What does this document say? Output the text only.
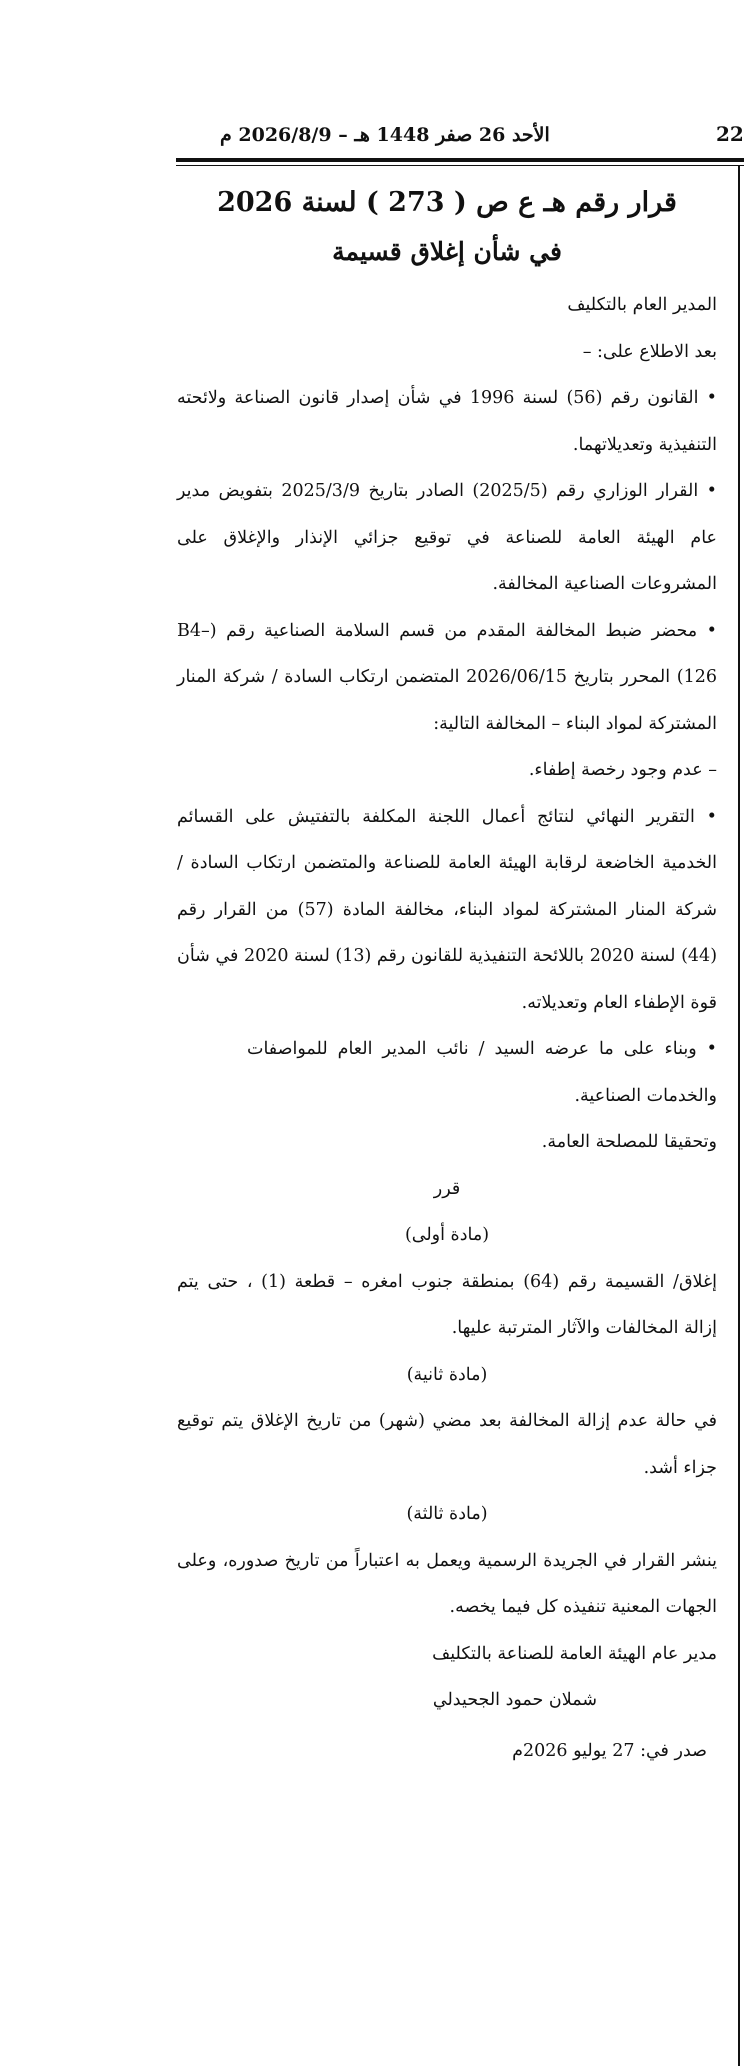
الأحد 26 صفر 1448 هـ – 2026/8/9 م	22
قرار رقم هـ ع ص ( 273 ) لسنة 2026
في شأن إغلاق قسيمة

المدير العام بالتكليف

بعد الاطلاع على: –

• القانون رقم (56) لسنة 1996 في شأن إصدار قانون الصناعة ولائحته التنفيذية وتعديلاتهما.

• القرار الوزاري رقم (2025/5) الصادر بتاريخ 2025/3/9 بتفويض مدير عام الهيئة العامة للصناعة في توقيع جزائي الإنذار والإغلاق على المشروعات الصناعية المخالفة.

• محضر ضبط المخالفة المقدم من قسم السلامة الصناعية رقم (B4–126) المحرر بتاريخ 2026/06/15 المتضمن ارتكاب السادة / شركة المنار المشتركة لمواد البناء – المخالفة التالية:

– عدم وجود رخصة إطفاء.

• التقرير النهائي لنتائج أعمال اللجنة المكلفة بالتفتيش على القسائم الخدمية الخاضعة لرقابة الهيئة العامة للصناعة والمتضمن ارتكاب السادة / شركة المنار المشتركة لمواد البناء، مخالفة المادة (57) من القرار رقم (44) لسنة 2020 باللائحة التنفيذية للقانون رقم (13) لسنة 2020 في شأن قوة الإطفاء العام وتعديلاته.

• وبناء على ما عرضه السيد / نائب المدير العام للمواصفات والخدمات الصناعية.

وتحقيقا للمصلحة العامة.

قرر

(مادة أولى)

إغلاق/ القسيمة رقم (64) بمنطقة جنوب امغره – قطعة (1) ، حتى يتم إزالة المخالفات والآثار المترتبة عليها.

(مادة ثانية)

في حالة عدم إزالة المخالفة بعد مضي (شهر) من تاريخ الإغلاق يتم توقيع جزاء أشد.

(مادة ثالثة)

ينشر القرار في الجريدة الرسمية ويعمل به اعتباراً من تاريخ صدوره، وعلى الجهات المعنية تنفيذه كل فيما يخصه.

مدير عام الهيئة العامة للصناعة بالتكليف

شملان حمود الجحيدلي

صدر في: 27 يوليو 2026م
